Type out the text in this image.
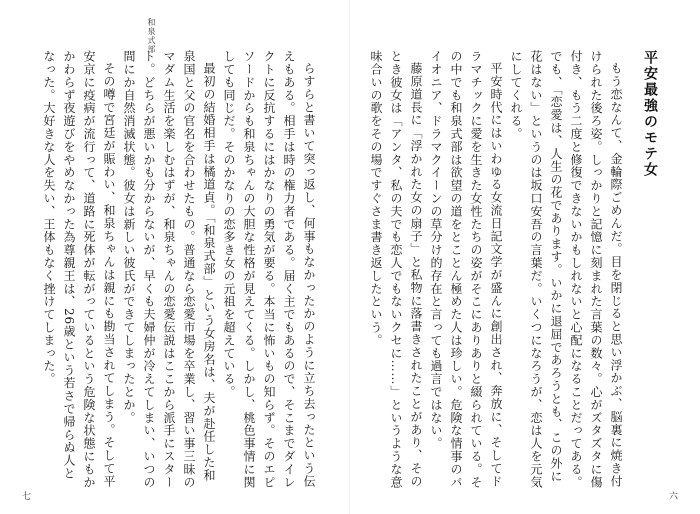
和泉式部

らすらと書いて突っ返し、何事もなかったかのように立ち去ったという伝えもある。相手は時の権力者である。届く主でもあるので、そこまでダイレクトに反抗するにはかなりの勇気が要る。本当に怖いもの知らず。そのエピソードからも和泉ちゃんの大胆な性格が見えてくる。しかし、桃色事情に関しても同じだ。そのかなりの恋多き女の元祖を超えている。

最初の結婚相手は橘道貞。「和泉式部」という女房名は、夫が赴任した和泉国と父の官名を合わせたもの。普通なら恋愛市場を卒業し、習い事三昧のマダム生活を楽しむはずが、和泉ちゃんの恋愛伝説はここから派手にスタート。どちらが悪いかも分からないが、早くも夫婦仲が冷えてしまい、いつの間にか自然消滅状態。彼女は新しい彼氏ができてしまったとか。

その噂で宮廷が賑わい、和泉ちゃんは親にも勘当されてしまう。そして平安京に疫病が流行って、道路に死体が転がっているという危険な状態にもかかわらず夜遊びをやめなかった為尊親王は、26歳という若さで帰らぬ人となった。大好きな人を失い、王体もなく挫けてしまった。	平安最強のモテ女

もう恋なんて、金輪際ごめんだ。目を閉じると思い浮かぶ、脳裏に焼き付けられた後ろ姿。しっかりと記憶に刻まれた言葉の数々。心がズタズタに傷付き、もう二度と修復できないかもしれないと心配になることだってある。でも、「恋愛は、人生の花であります。いかに退屈であろうとも、この外に花はない」というのは坂口安吾の言葉だ。いくつになろうが、恋は人を元気にしてくれる。

平安時代にはいわゆる女流日記文学が盛んに創出され、奔放に、そしてドラマチックに愛を生きた女性たちの姿がそこにありありと綴られている。その中でも和泉式部は欲望の道をとことん極めた人は珍しい。危険な情事のパイオニア、ドラマクイーンの草分け的存在と言っても過言ではない。

藤原道長に「浮かれた女の扇子」と私物に落書きされたことがあり、そのとき彼女は「アンタ、私の夫でも恋人でもないクセに……」というような意味合いの歌をその場ですぐさま書き返したという。

七	六
